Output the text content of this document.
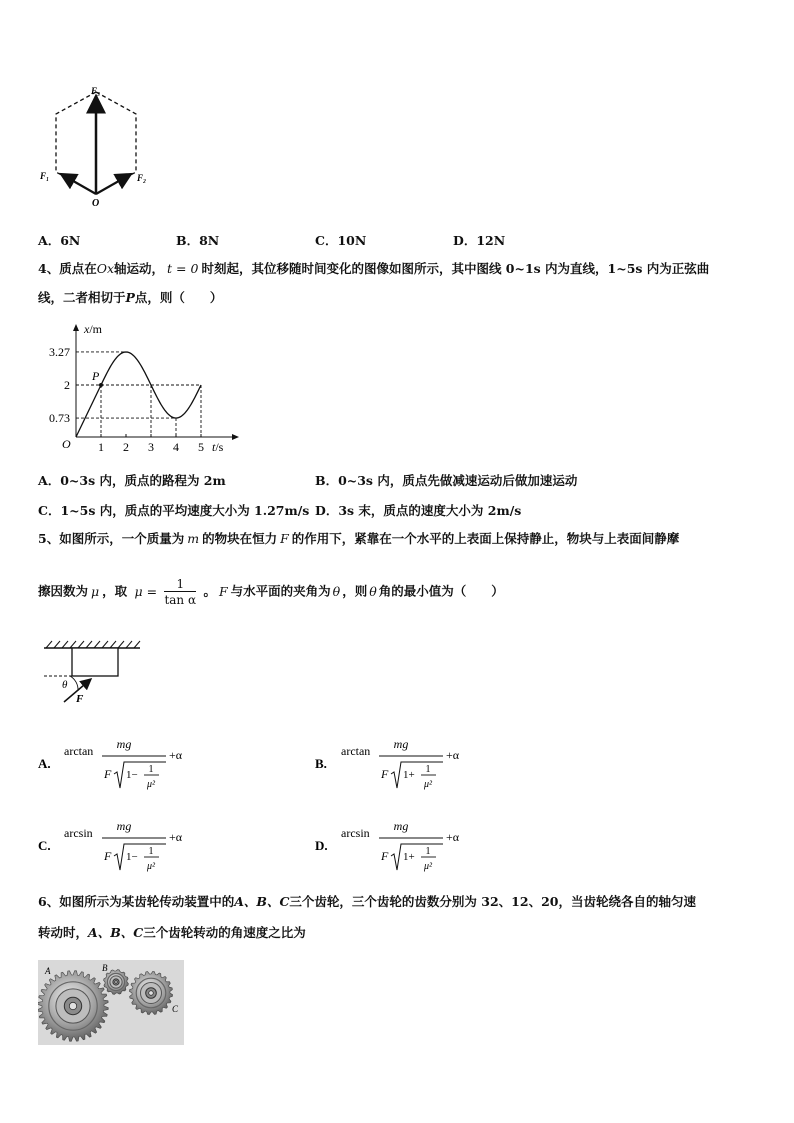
F₃
F₁	F₂
O
A．6N	B．8N	C．10N	D．12N
4、质点在Ox轴运动， t = 0 时刻起，其位移随时间变化的图像如图所示，其中图线 0~1s 内为直线，1~5s 内为正弦曲
线，二者相切于P点，则（　　）
P
x/m
t/s
O
3.27
2
0.73
1 2 3 4 5
A．0~3s 内，质点的路程为 2m	B．0~3s 内，质点先做减速运动后做加速运动
C．1~5s 内，质点的平均速度大小为 1.27m/s D．3s 末，质点的速度大小为 2m/s
5、如图所示，一个质量为 m 的物块在恒力 F 的作用下，紧靠在一个水平的上表面上保持静止，物块与上表面间静摩
擦因数为 μ ，取 $\mu = \frac{1}{\text{tan α}}$ 。 F 与水平面的夹角为 θ ，则 θ 角的最小值为（　　）
θ
F
A.
arctan mg
F 1− 1
μ²
+α
B.
arctan mg
F 1+ 1
μ²
+α
C.
arcsin mg
F 1− 1
μ²
+α
D.
arcsin mg
F 1+ 1
μ²
+α
6、如图所示为某齿轮传动装置中的A、B、C三个齿轮，三个齿轮的齿数分别为 32、12、20，当齿轮绕各自的轴匀速
转动时，A、B、C三个齿轮转动的角速度之比为
A	B
C
